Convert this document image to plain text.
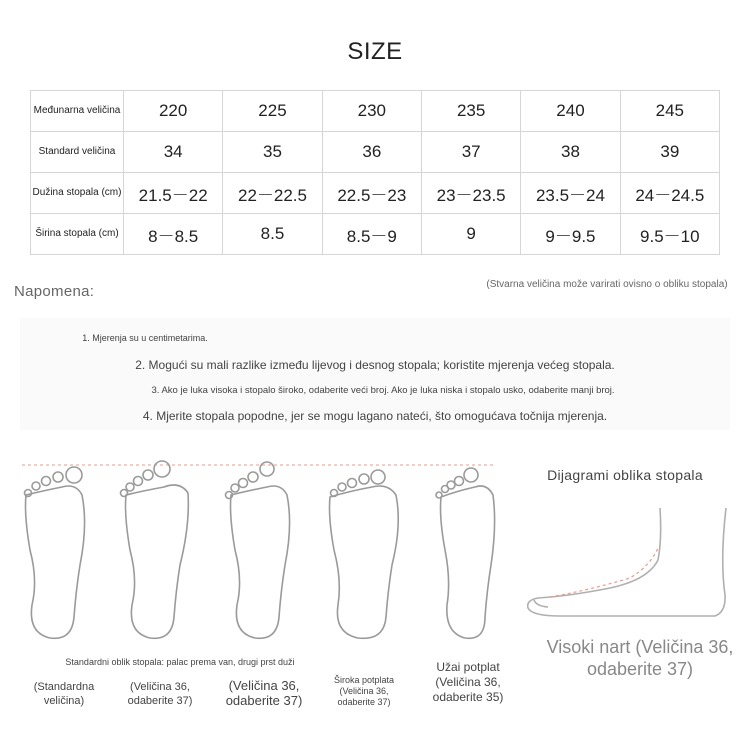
SIZE
Međunarna veličina	220	225	230	235	240	245
Standard veličina	34	35	36	37	38	39
Dužina stopala (cm)	21.5－22	22－22.5	22.5－23	23－23.5	23.5－24	24－24.5
Širina stopala (cm)	8－8.5	8.5	8.5－9	9	9－9.5	9.5－10
Napomena:	(Stvarna veličina može varirati ovisno o obliku stopala)
1. Mjerenja su u centimetarima.
2. Mogući su mali razlike između lijevog i desnog stopala; koristite mjerenja većeg stopala.
3. Ako je luka visoka i stopalo široko, odaberite veći broj. Ako je luka niska i stopalo usko, odaberite manji broj.
4. Mjerite stopala popodne, jer se mogu lagano nateći, što omogućava točnija mjerenja.
Standardni oblik stopala: palac prema van, drugi prst duži
(Standardna veličina)
(Veličina 36, odaberite 37)
(Veličina 36, odaberite 37)
Široka potplata (Veličina 36, odaberite 37)
Užai potplat (Veličina 36, odaberite 35)
Dijagrami oblika stopala
Visoki nart (Veličina 36, odaberite 37)
